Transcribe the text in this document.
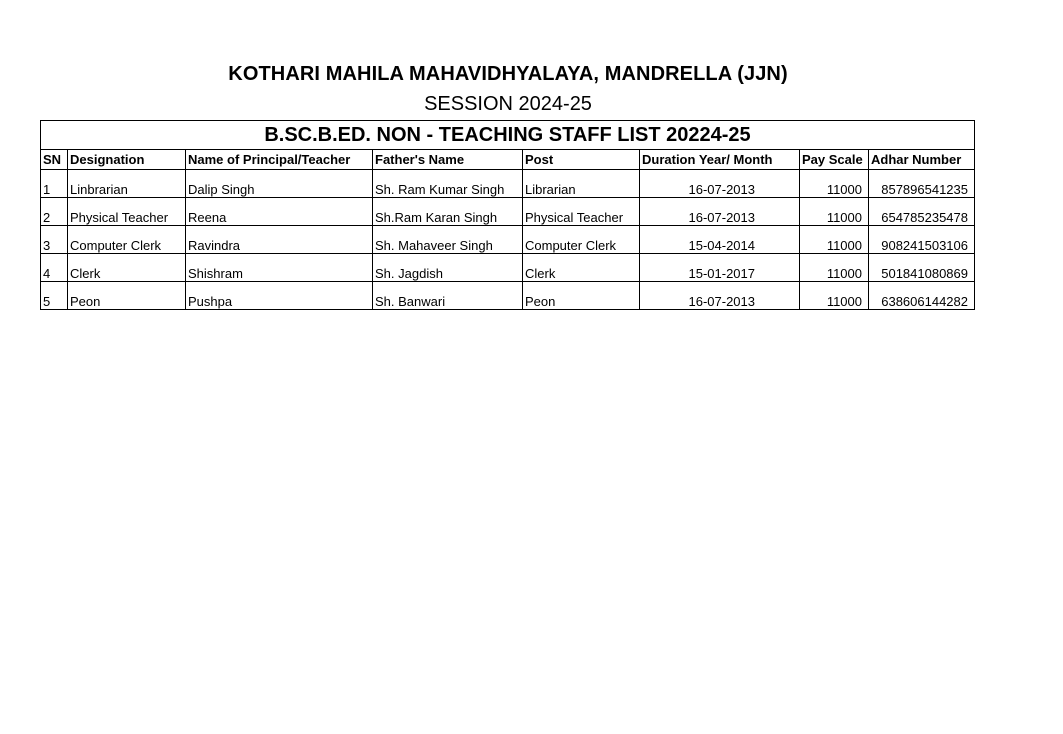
KOTHARI MAHILA MAHAVIDHYALAYA, MANDRELLA (JJN)
SESSION 2024-25
B.SC.B.ED. NON - TEACHING STAFF LIST 20224-25							
SN	Designation	Name of Principal/Teacher	Father's Name	Post	Duration Year/ Month	Pay Scale	Adhar Number
1	Linbrarian	Dalip Singh	Sh. Ram Kumar Singh	Librarian	16-07-2013	11000	857896541235
2	Physical Teacher	Reena	Sh.Ram Karan Singh	Physical Teacher	16-07-2013	11000	654785235478
3	Computer Clerk	Ravindra	Sh. Mahaveer Singh	Computer Clerk	15-04-2014	11000	908241503106
4	Clerk	Shishram	Sh. Jagdish	Clerk	15-01-2017	11000	501841080869
5	Peon	Pushpa	Sh. Banwari	Peon	16-07-2013	11000	638606144282
